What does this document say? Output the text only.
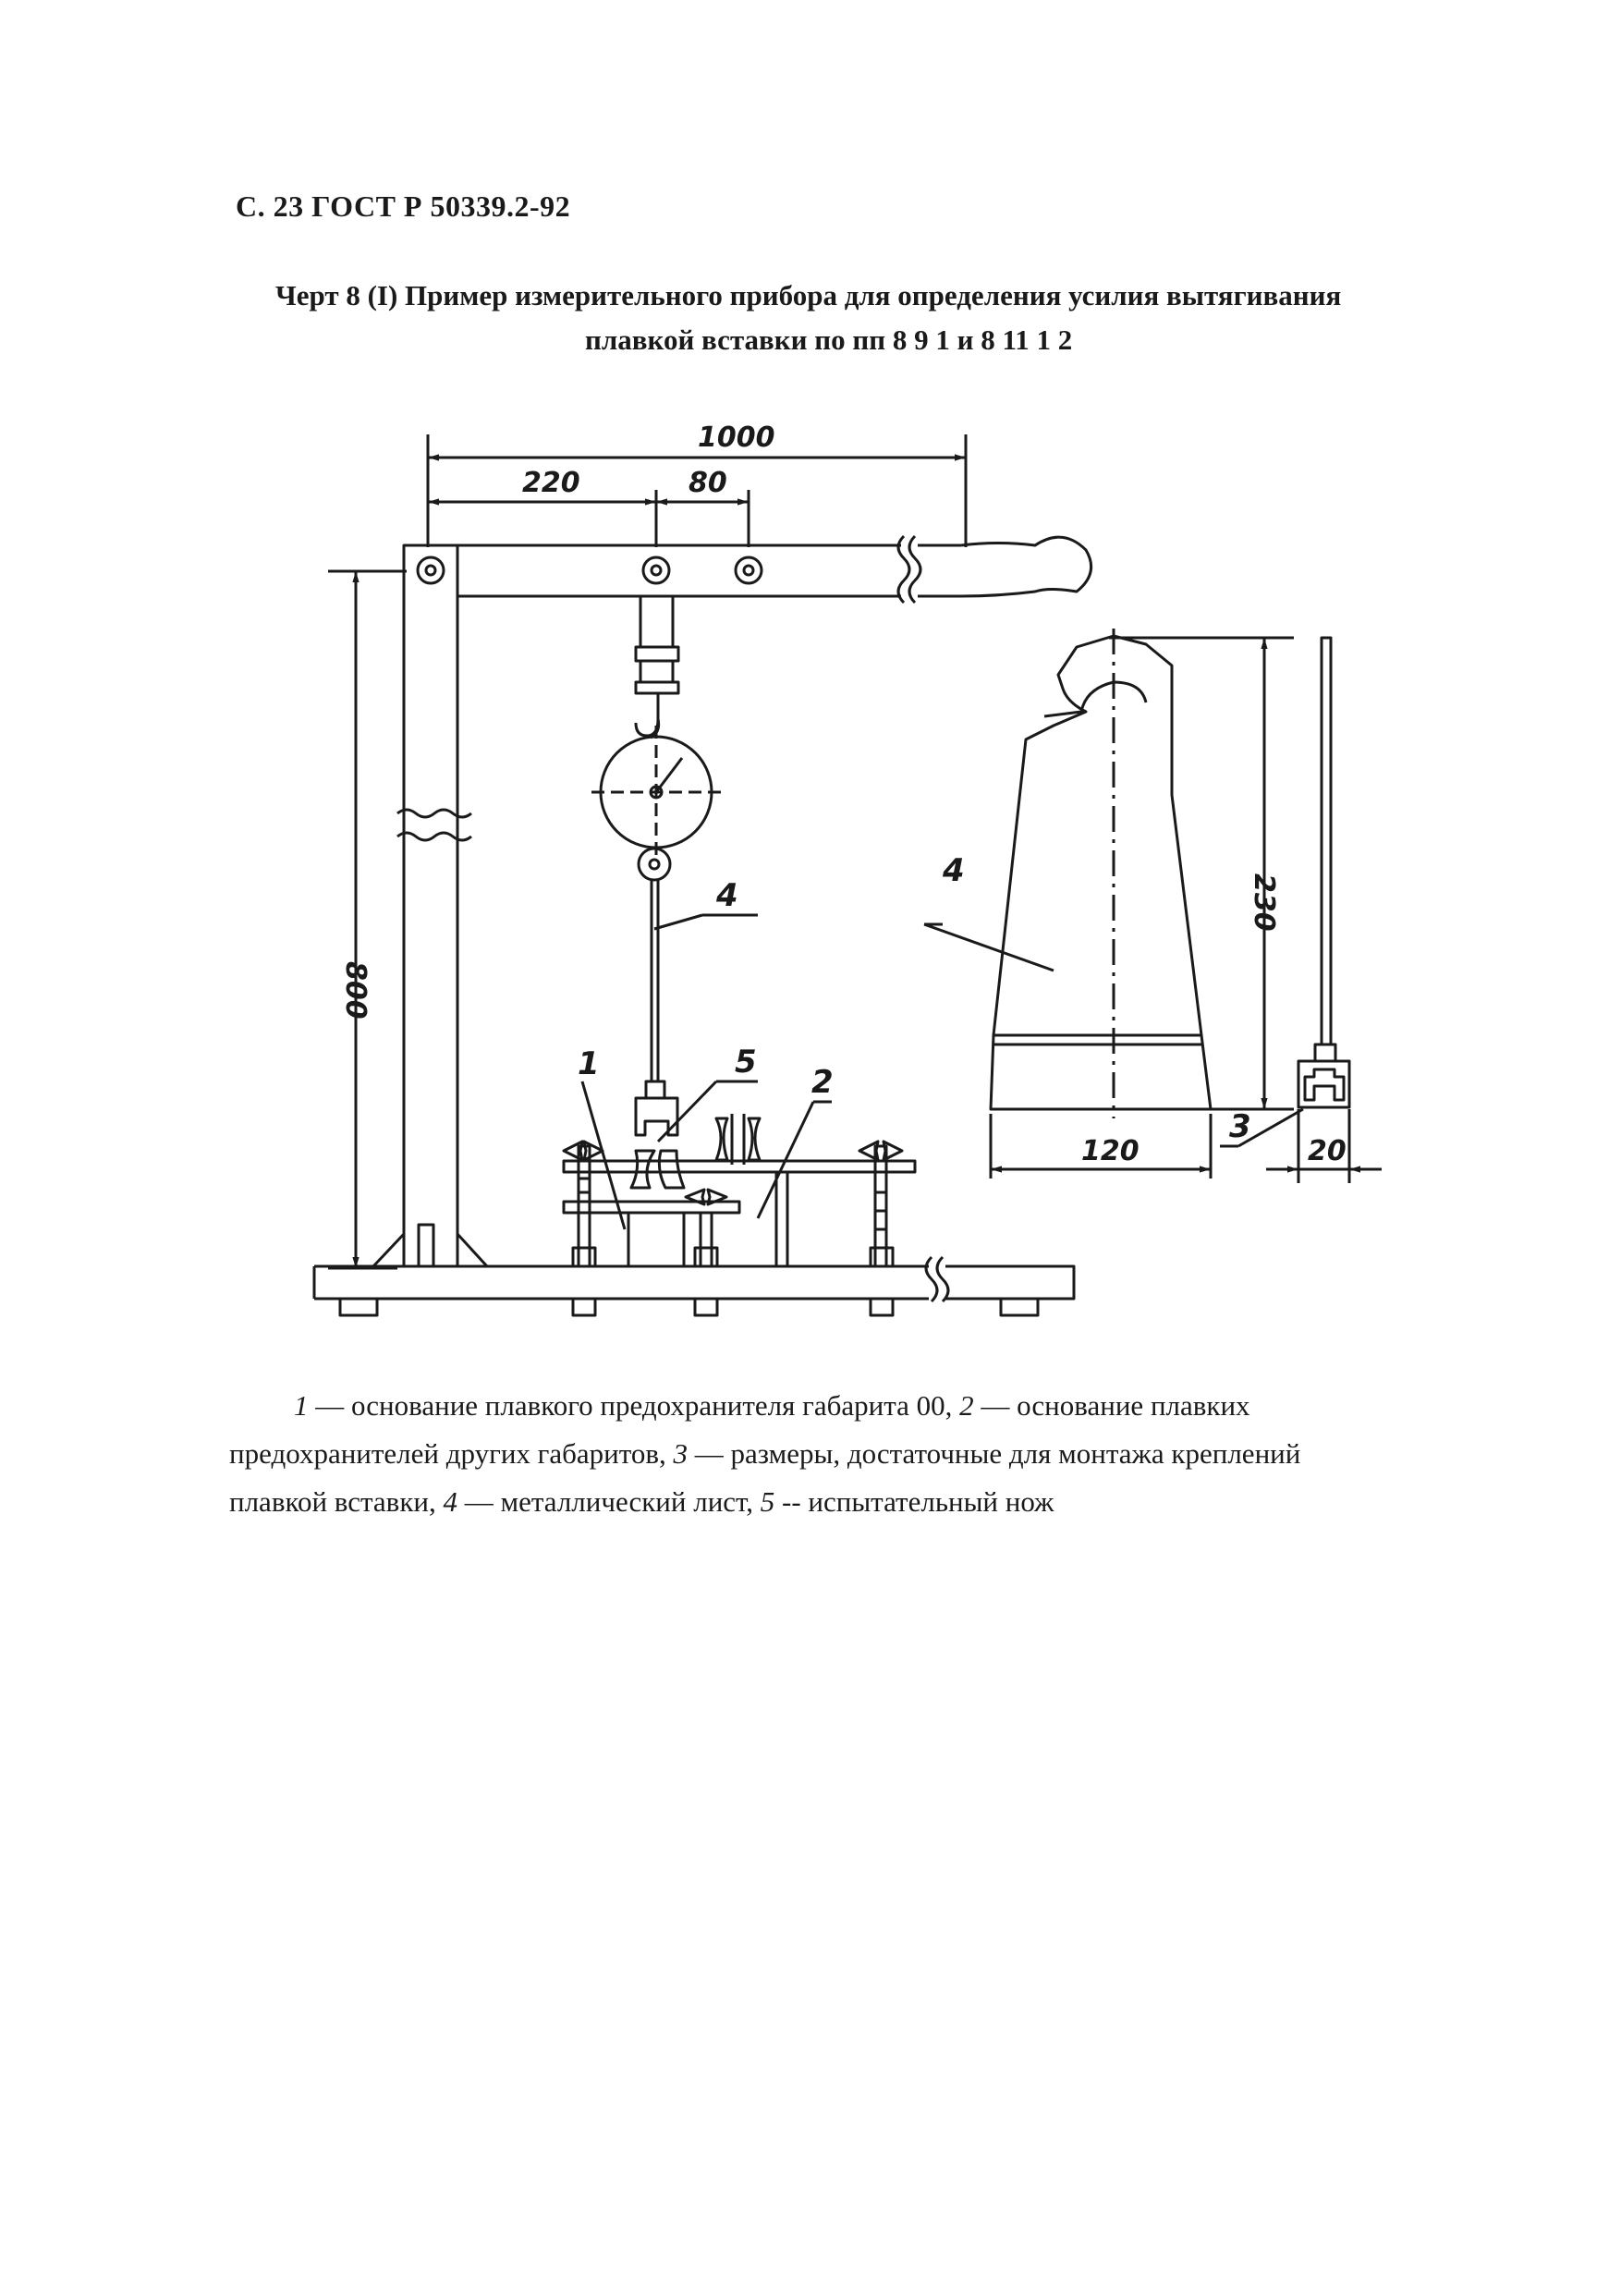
С. 23 ГОСТ Р 50339.2-92
Черт 8 (I) Пример измерительного прибора для определения усилия вытягивания
плавкой вставки по пп 8 9 1 и 8 11 1 2
1000
220	80
800
230
120	20
4
5
1	2
4
3

1 — основание плавкого предохранителя габарита 00, 2 — основание плавких

предохранителей других габаритов, 3 — размеры, достаточные для монтажа креплений

плавкой вставки, 4 — металлический лист, 5 -- испытательный нож
